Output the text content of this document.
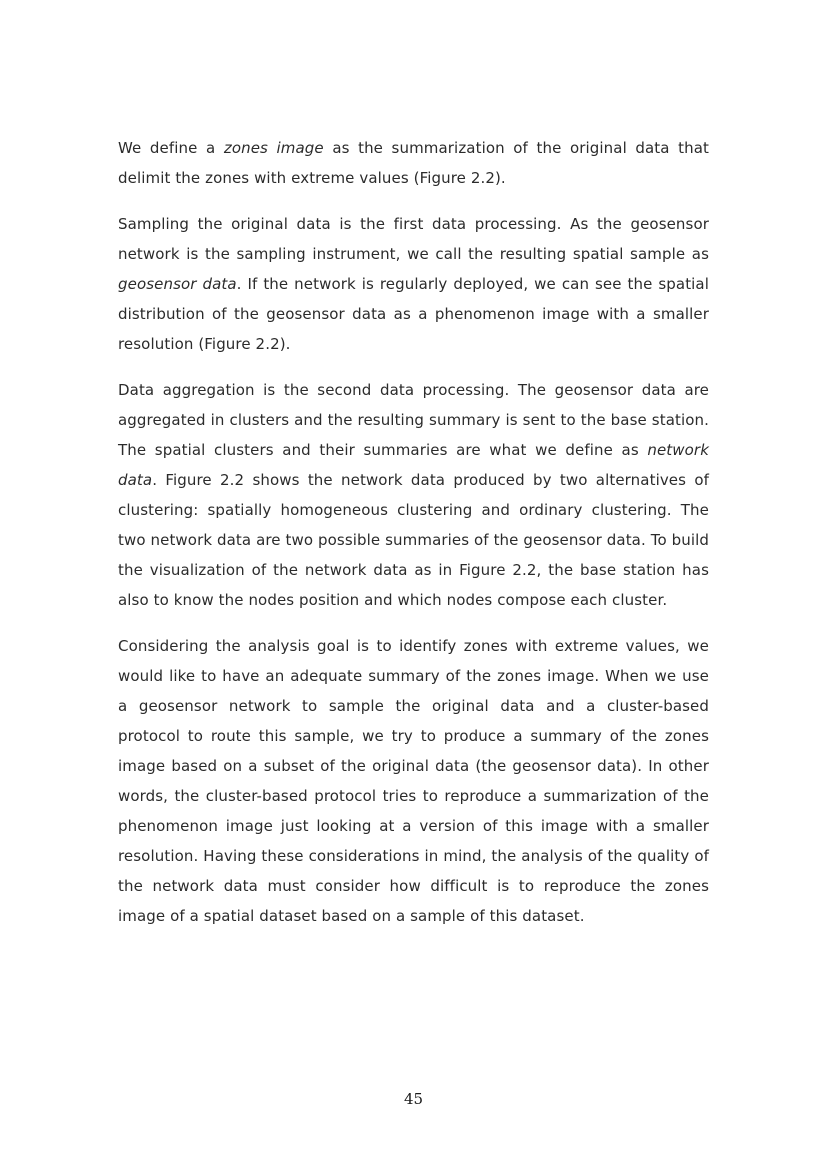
We define a zones image as the summarization of the original data that delimit the zones with extreme values (Figure 2.2).

Sampling the original data is the first data processing. As the geosensor network is the sampling instrument, we call the resulting spatial sample as geosensor data. If the network is regularly deployed, we can see the spatial distribution of the geosensor data as a phenomenon image with a smaller resolution (Figure 2.2).

Data aggregation is the second data processing. The geosensor data are aggregated in clusters and the resulting summary is sent to the base station. The spatial clusters and their summaries are what we define as network data. Figure 2.2 shows the network data produced by two alternatives of clustering: spatially homogeneous clustering and ordinary clustering. The two network data are two possible summaries of the geosensor data. To build the visualization of the network data as in Figure 2.2, the base station has also to know the nodes position and which nodes compose each cluster.

Considering the analysis goal is to identify zones with extreme values, we would like to have an adequate summary of the zones image. When we use a geosensor network to sample the original data and a cluster-based protocol to route this sample, we try to produce a summary of the zones image based on a subset of the original data (the geosensor data). In other words, the cluster-based protocol tries to reproduce a summarization of the phenomenon image just looking at a version of this image with a smaller resolution. Having these considerations in mind, the analysis of the quality of the network data must consider how difficult is to reproduce the zones image of a spatial dataset based on a sample of this dataset.

45
